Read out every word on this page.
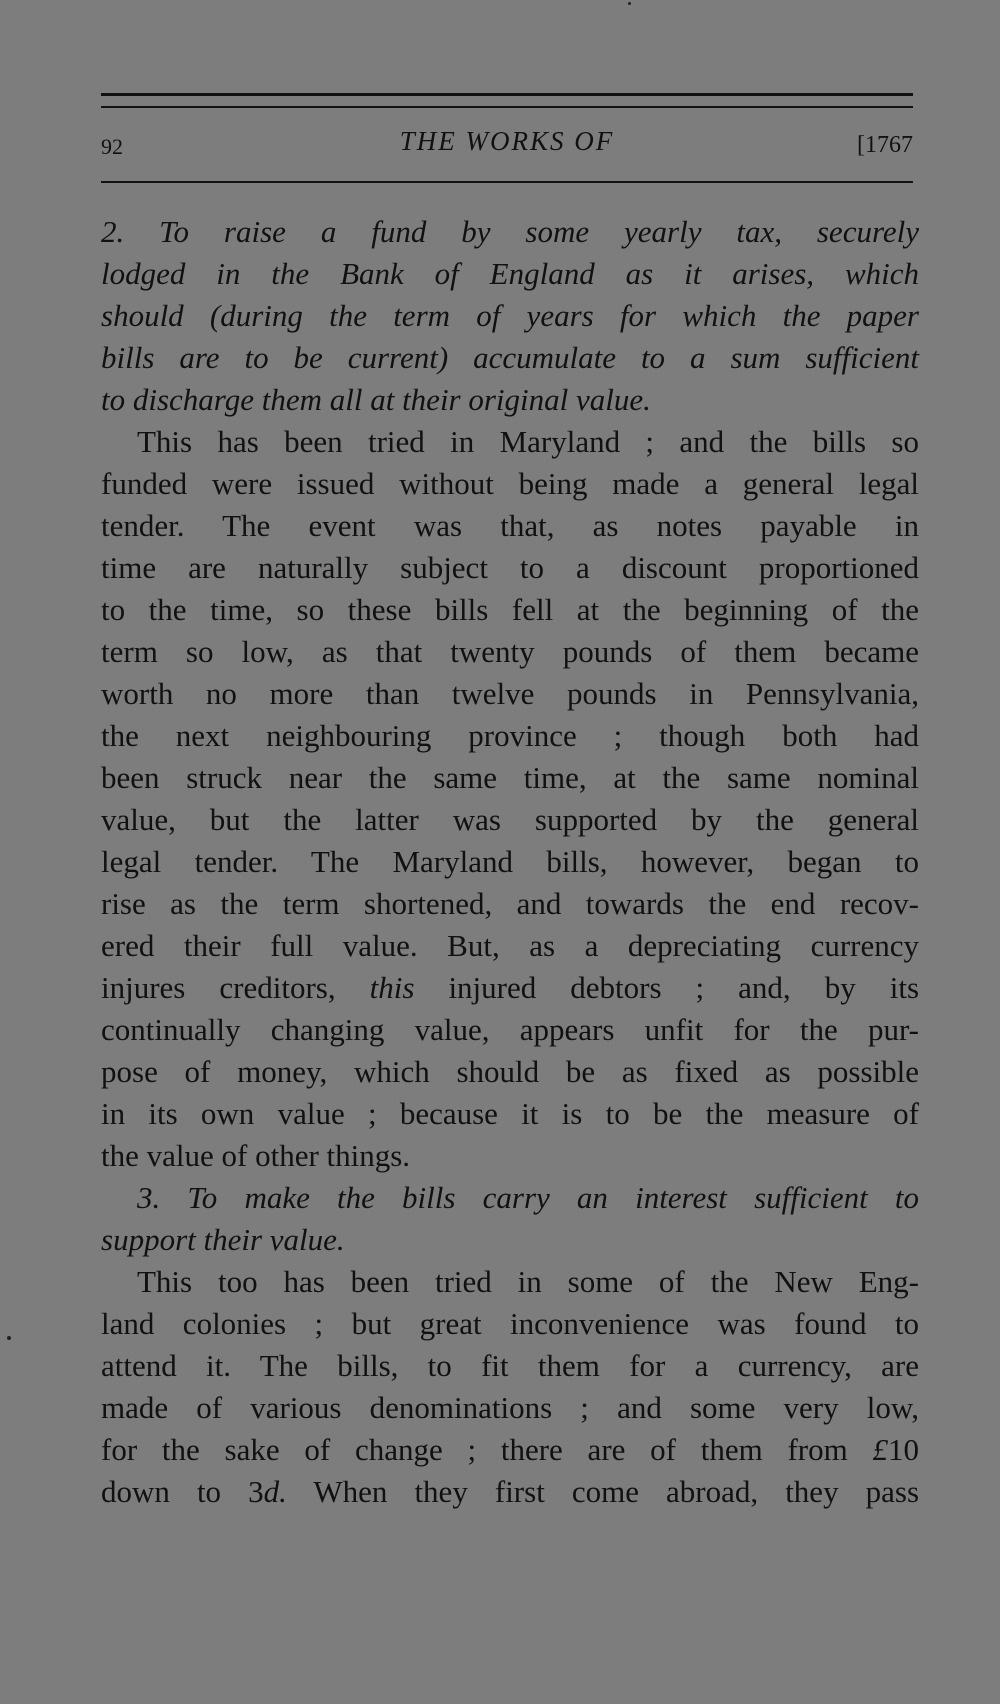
92	THE WORKS OF	[1767
2. To raise a fund by some yearly tax, securely
lodged in the Bank of England as it arises, which
should (during the term of years for which the paper
bills are to be current) accumulate to a sum sufficient
to discharge them all at their original value.
This has been tried in Maryland ; and the bills so
funded were issued without being made a general legal
tender. The event was that, as notes payable in
time are naturally subject to a discount proportioned
to the time, so these bills fell at the beginning of the
term so low, as that twenty pounds of them became
worth no more than twelve pounds in Pennsylvania,
the next neighbouring province ; though both had
been struck near the same time, at the same nominal
value, but the latter was supported by the general
legal tender. The Maryland bills, however, began to
rise as the term shortened, and towards the end recov-
ered their full value. But, as a depreciating currency
injures creditors, this injured debtors ; and, by its
continually changing value, appears unfit for the pur-
pose of money, which should be as fixed as possible
in its own value ; because it is to be the measure of
the value of other things.
3. To make the bills carry an interest sufficient to
support their value.
This too has been tried in some of the New Eng-
land colonies ; but great inconvenience was found to
attend it. The bills, to fit them for a currency, are
made of various denominations ; and some very low,
for the sake of change ; there are of them from £10
down to 3d. When they first come abroad, they pass
